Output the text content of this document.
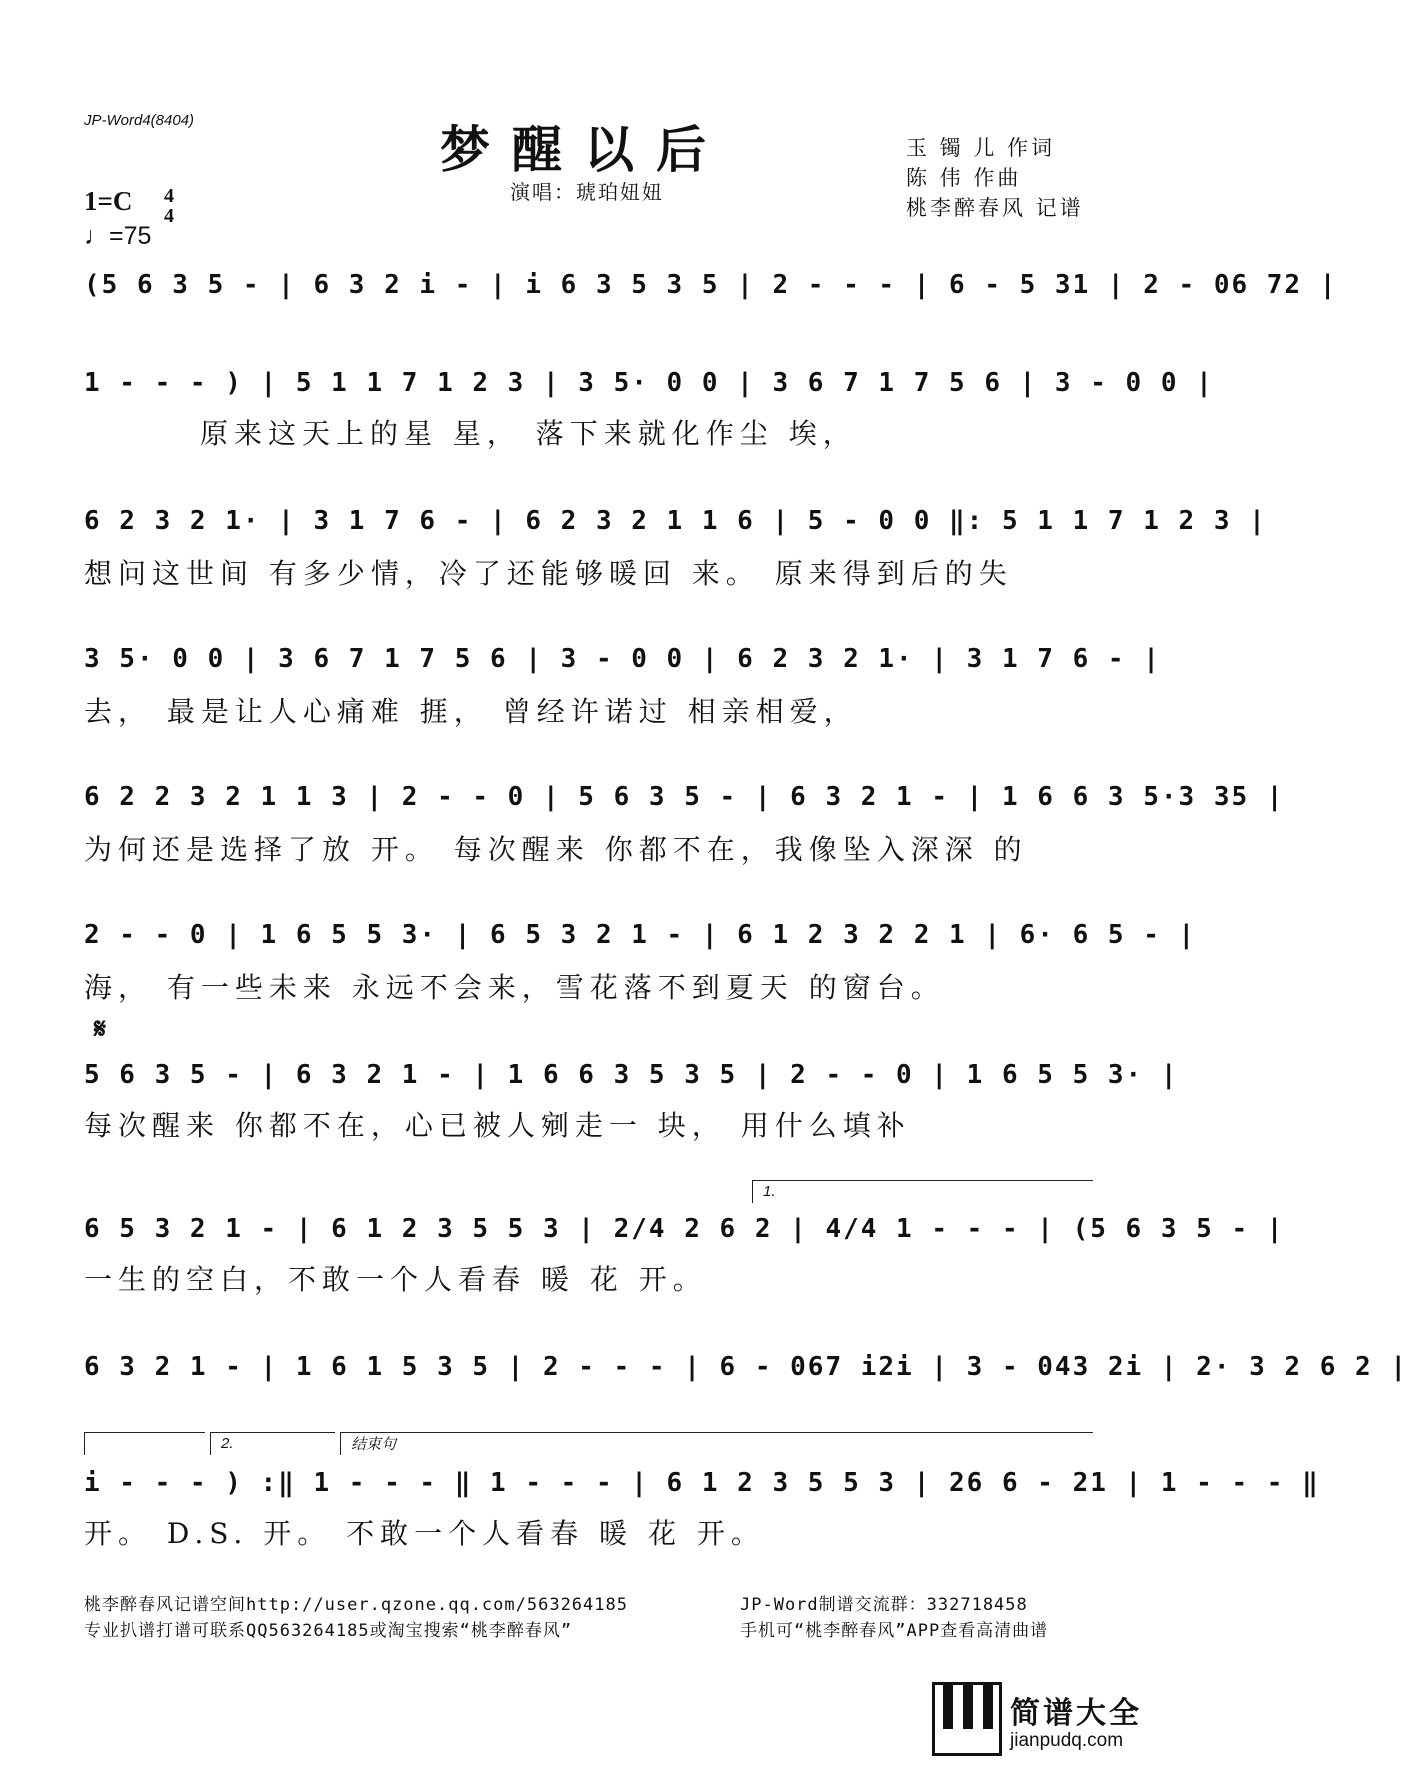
JP-Word4(8404)	梦醒以后
演唱：琥珀妞妞
玉 镯 儿 作词
陈 伟 作曲
桃李醉春风 记谱
1=C 4
4
♩=75
(5 6 3 5 - | 6 3 2 i - | i 6 3 5 3 5 | 2 - - - | 6 - 5 31 | 2 - 06 72 |
1 - - - ) | 5 1 1 7 1 2 3 | 3 5· 0 0 | 3 6 7 1 7 5 6 | 3 - 0 0 |
原来这天上的星 星， 落下来就化作尘 埃，
6 2 3 2 1· | 3 1 7 6 - | 6 2 3 2 1 1 6 | 5 - 0 0 ‖: 5 1 1 7 1 2 3 |
想问这世间 有多少情，冷了还能够暖回 来。 原来得到后的失
3 5· 0 0 | 3 6 7 1 7 5 6 | 3 - 0 0 | 6 2 3 2 1· | 3 1 7 6 - |
去， 最是让人心痛难 捱， 曾经许诺过 相亲相爱，
6 2 2 3 2 1 1 3 | 2 - - 0 | 5 6 3 5 - | 6 3 2 1 - | 1 6 6 3 5·3 35 |
为何还是选择了放 开。 每次醒来 你都不在，我像坠入深深 的
2 - - 0 | 1 6 5 5 3· | 6 5 3 2 1 - | 6 1 2 3 2 2 1 | 6· 6 5 - |
海， 有一些未来 永远不会来，雪花落不到夏天 的窗台。
𝄋
5 6 3 5 - | 6 3 2 1 - | 1 6 6 3 5 3 5 | 2 - - 0 | 1 6 5 5 3· |
每次醒来 你都不在，心已被人剜走一 块， 用什么填补
1.
6 5 3 2 1 - | 6 1 2 3 5 5 3 | 2/4 2 6 2 | 4/4 1 - - - | (5 6 3 5 - |
一生的空白，不敢一个人看春 暖 花 开。
6 3 2 1 - | 1 6 1 5 3 5 | 2 - - - | 6 - 067 i2i | 3 - 043 2i | 2· 3 2 6 2 |
2.	结束句
i - - - ) :‖ 1 - - - ‖ 1 - - - | 6 1 2 3 5 5 3 | 26 6 - 21 | 1 - - - ‖
开。 D.S. 开。 不敢一个人看春 暖 花 开。
桃李醉春风记谱空间http://user.qzone.qq.com/563264185
专业扒谱打谱可联系QQ563264185或淘宝搜索“桃李醉春风”
JP-Word制谱交流群：332718458
手机可“桃李醉春风”APP查看高清曲谱
简谱大全
jianpudq.com
